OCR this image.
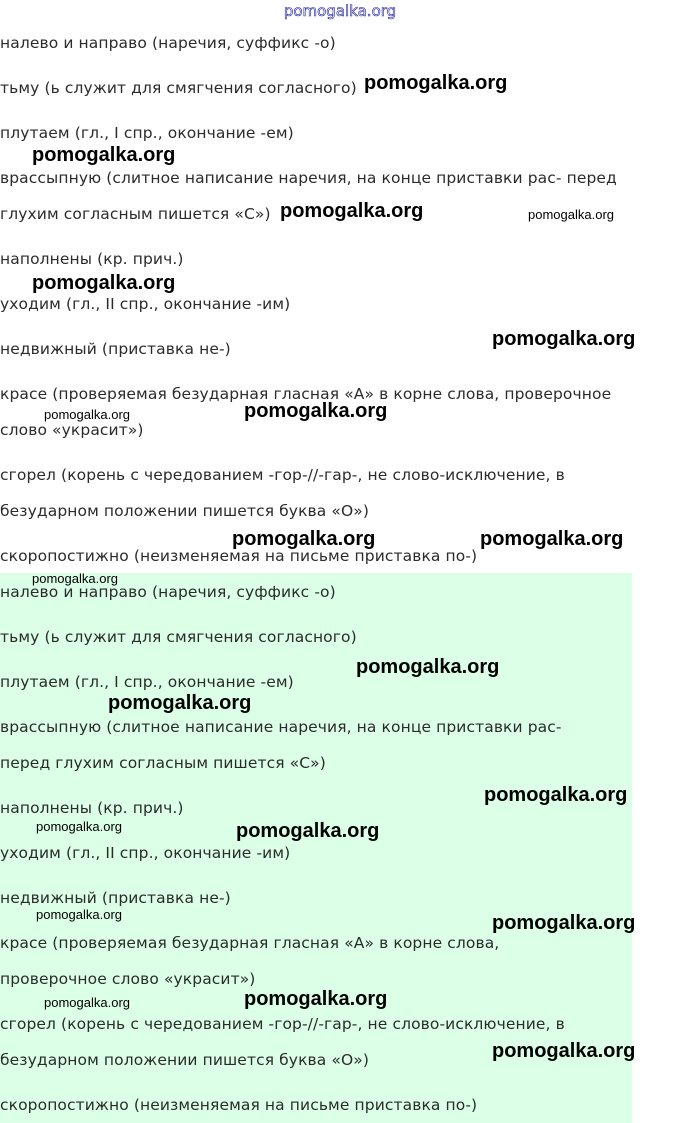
pomogalka.org
налево и направо (наречия, суффикс -о)
тьму (ь служит для смягчения согласного)
плутаем (гл., I спр., окончание -ем)
врассыпную (слитное написание наречия, на конце приставки рас- перед
глухим согласным пишется «С»)
наполнены (кр. прич.)
уходим (гл., II спр., окончание -им)
недвижный (приставка не-)
красе (проверяемая безударная гласная «А» в корне слова, проверочное
слово «украсит»)
сгорел (корень с чередованием -гор-//-гар-, не слово-исключение, в
безударном положении пишется буква «О»)
скоропостижно (неизменяемая на письме приставка по-)
налево и направо (наречия, суффикс -о)
тьму (ь служит для смягчения согласного)
плутаем (гл., I спр., окончание -ем)
врассыпную (слитное написание наречия, на конце приставки рас-
перед глухим согласным пишется «С»)
наполнены (кр. прич.)
уходим (гл., II спр., окончание -им)
недвижный (приставка не-)
красе (проверяемая безударная гласная «А» в корне слова,
проверочное слово «украсит»)
сгорел (корень с чередованием -гор-//-гар-, не слово-исключение, в
безударном положении пишется буква «О»)
скоропостижно (неизменяемая на письме приставка по-)
pomogalka.org
pomogalka.org
pomogalka.org	pomogalka.org
pomogalka.org
pomogalka.org
pomogalka.org	pomogalka.org
pomogalka.org	pomogalka.org
pomogalka.org
pomogalka.org
pomogalka.org
pomogalka.org
pomogalka.org	pomogalka.org
pomogalka.org	pomogalka.org
pomogalka.org	pomogalka.org
pomogalka.org
